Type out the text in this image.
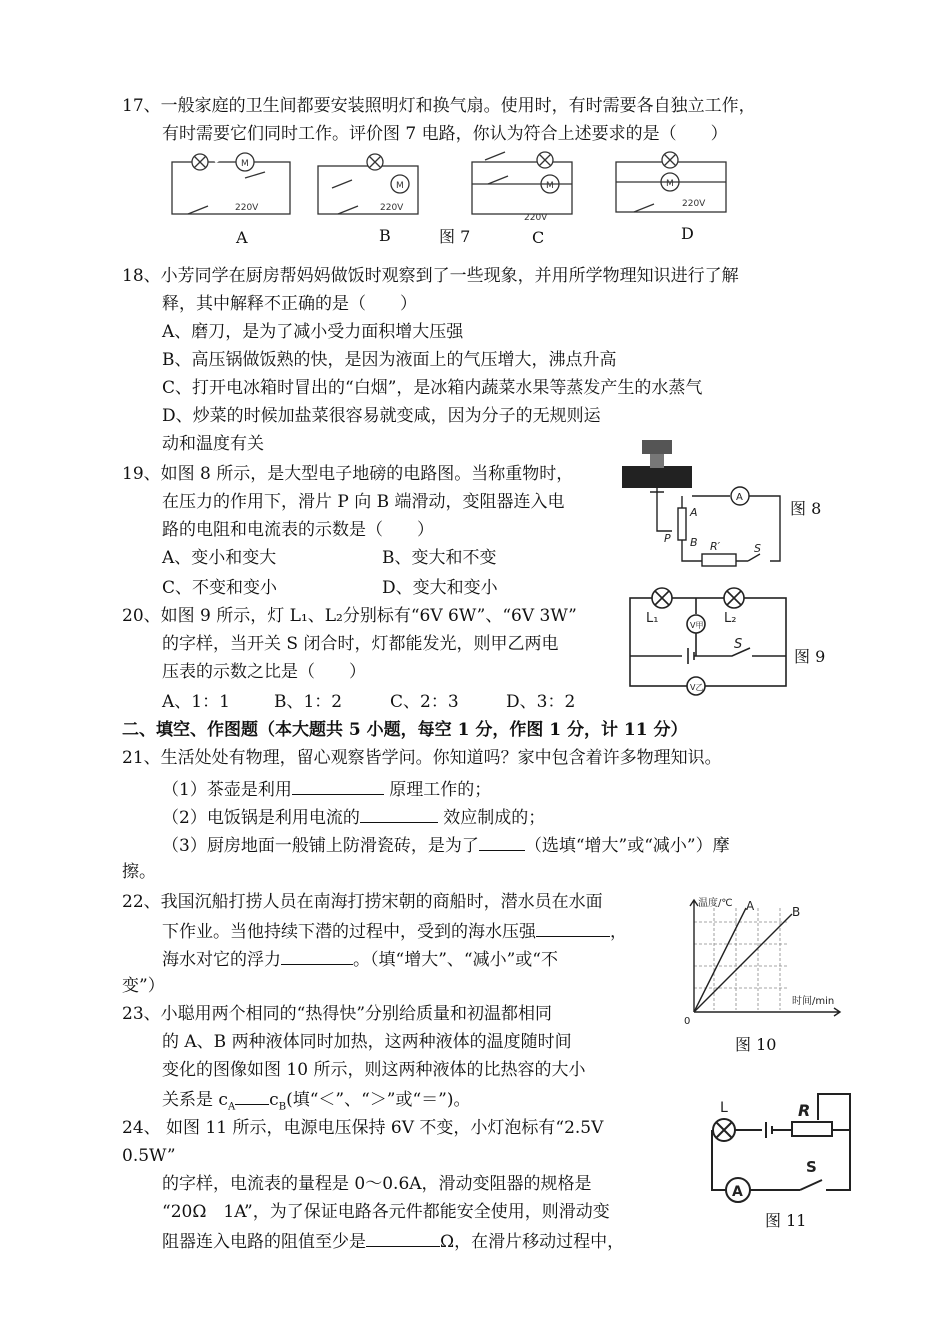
17、一般家庭的卫生间都要安装照明灯和换气扇。使用时，有时需要各自独立工作，
有时需要它们同时工作。评价图 7 电路，你认为符合上述要求的是（　　）
M
M	M	M
220V	220V
220V
220V
A	B	图 7	C	D
18、小芳同学在厨房帮妈妈做饭时观察到了一些现象，并用所学物理知识进行了解
释，其中解释不正确的是（　　）
A、磨刀，是为了减小受力面积增大压强
B、高压锅做饭熟的快，是因为液面上的气压增大，沸点升高
C、打开电冰箱时冒出的“白烟”，是冰箱内蔬菜水果等蒸发产生的水蒸气
D、炒菜的时候加盐菜很容易就变咸，因为分子的无规则运
动和温度有关
19、如图 8 所示，是大型电子地磅的电路图。当称重物时，
在压力的作用下，滑片 P 向 B 端滑动，变阻器连入电
路的电阻和电流表的示数是（　　）
A、变小和变大	B、变大和不变
C、不变和变小	D、变大和变小
A
A
P B R′	S
图 8
20、如图 9 所示，灯 L₁、L₂分别标有“6V 6W”、“6V 3W”
的字样，当开关 S 闭合时，灯都能发光，则甲乙两电
压表的示数之比是（　　）
A、1：1	B、1：2	C、2：3	D、3：2
L₁	L₂
V甲
S
V乙
图 9
二、填空、作图题（本大题共 5 小题，每空 1 分，作图 1 分，计 11 分）
21、生活处处有物理，留心观察皆学问。你知道吗？家中包含着许多物理知识。
（1）茶壶是利用	原理工作的；
（2）电饭锅是利用电流的	效应制成的；
（3）厨房地面一般铺上防滑瓷砖，是为了	（选填“增大”或“减小”）摩
擦。
22、我国沉船打捞人员在南海打捞宋朝的商船时，潜水员在水面
下作业。当他持续下潜的过程中，受到的海水压强	，
海水对它的浮力	。（填“增大”、“减小”或“不
变”）
23、小聪用两个相同的“热得快”分别给质量和初温都相同
的 A、B 两种液体同时加热，这两种液体的温度随时间
变化的图像如图 10 所示，则这两种液体的比热容的大小
关系是 $c_A$ $c_B$(填“＜”、“＞”或“＝”)。
温度/℃
时间/min
0
A	B
图 10
24、 如图 11 所示，电源电压保持 6V 不变，小灯泡标有“2.5V
0.5W”
的字样，电流表的量程是 0～0.6A，滑动变阻器的规格是
“20Ω　1A”，为了保证电路各元件都能安全使用，则滑动变
阻器连入电路的阻值至少是	Ω，在滑片移动过程中，
L	R
A
S
图 11
